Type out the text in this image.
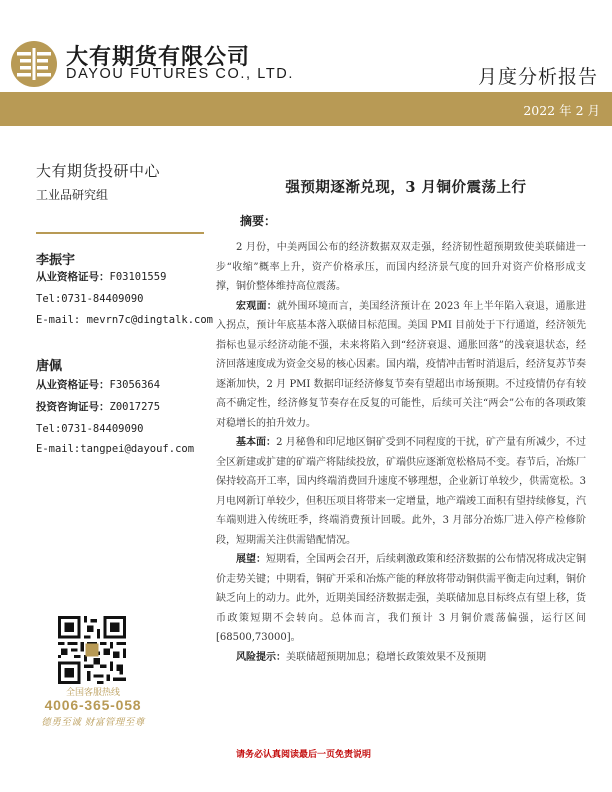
大有期货有限公司
DAYOU FUTURES CO., LTD.	月度分析报告
2022 年 2 月
大有期货投研中心
工业品研究组
李振宇
从业资格证号：F03101559
Tel:0731-84409090
E-mail: mevrn7c@dingtalk.com
唐佩
从业资格证号：F3056364
投资咨询证号：Z0017275
Tel:0731-84409090
E-mail:tangpei@dayouf.com
全国客服热线
4006-365-058
德勇至诚 财富管理至尊
强预期逐渐兑现，3 月铜价震荡上行
摘要：

2 月份，中美两国公布的经济数据双双走强，经济韧性超预期致使美联储进一步“收缩”概率上升，资产价格承压，而国内经济景气度的回升对资产价格形成支撑，铜价整体维持高位震荡。

宏观面：就外围环境而言，美国经济预计在 2023 年上半年陷入衰退，通胀进入拐点，预计年底基本落入联储目标范围。美国 PMI 目前处于下行通道，经济领先指标也显示经济动能不强，未来将陷入到“经济衰退、通胀回落”的浅衰退状态，经济回落速度成为资金交易的核心因素。国内端，疫情冲击暂时消退后，经济复苏节奏逐渐加快，2 月 PMI 数据印证经济修复节奏有望超出市场预期。不过疫情仍存有较高不确定性，经济修复节奏存在反复的可能性，后续可关注“两会”公布的各项政策对稳增长的拍升效力。

基本面：2 月秘鲁和印尼地区铜矿受到不同程度的干扰，矿产量有所减少，不过全区新建或扩建的矿端产将陆续投放，矿端供应逐渐宽松格局不变。春节后，冶炼厂保持较高开工率，国内终端消费回升速度不够理想，企业新订单较少，供需宽松。3 月电网新订单较少，但积压项目将带来一定增量，地产端竣工面积有望持续修复，汽车端则进入传统旺季，终端消费预计回暖。此外，3 月部分冶炼厂进入停产检修阶段，短期需关注供需错配情况。

展望：短期看，全国两会召开，后续刺激政策和经济数据的公布情况将成决定铜价走势关键；中期看，铜矿开采和冶炼产能的释放将带动铜供需平衡走向过剩，铜价缺乏向上的动力。此外，近期美国经济数据走强，美联储加息目标终点有望上移，货币政策短期不会转向。总体而言，我们预计 3 月铜价震荡偏强，运行区间[68500,73000]。

风险提示：美联储超预期加息；稳增长政策效果不及预期

请务必认真阅读最后一页免责说明
